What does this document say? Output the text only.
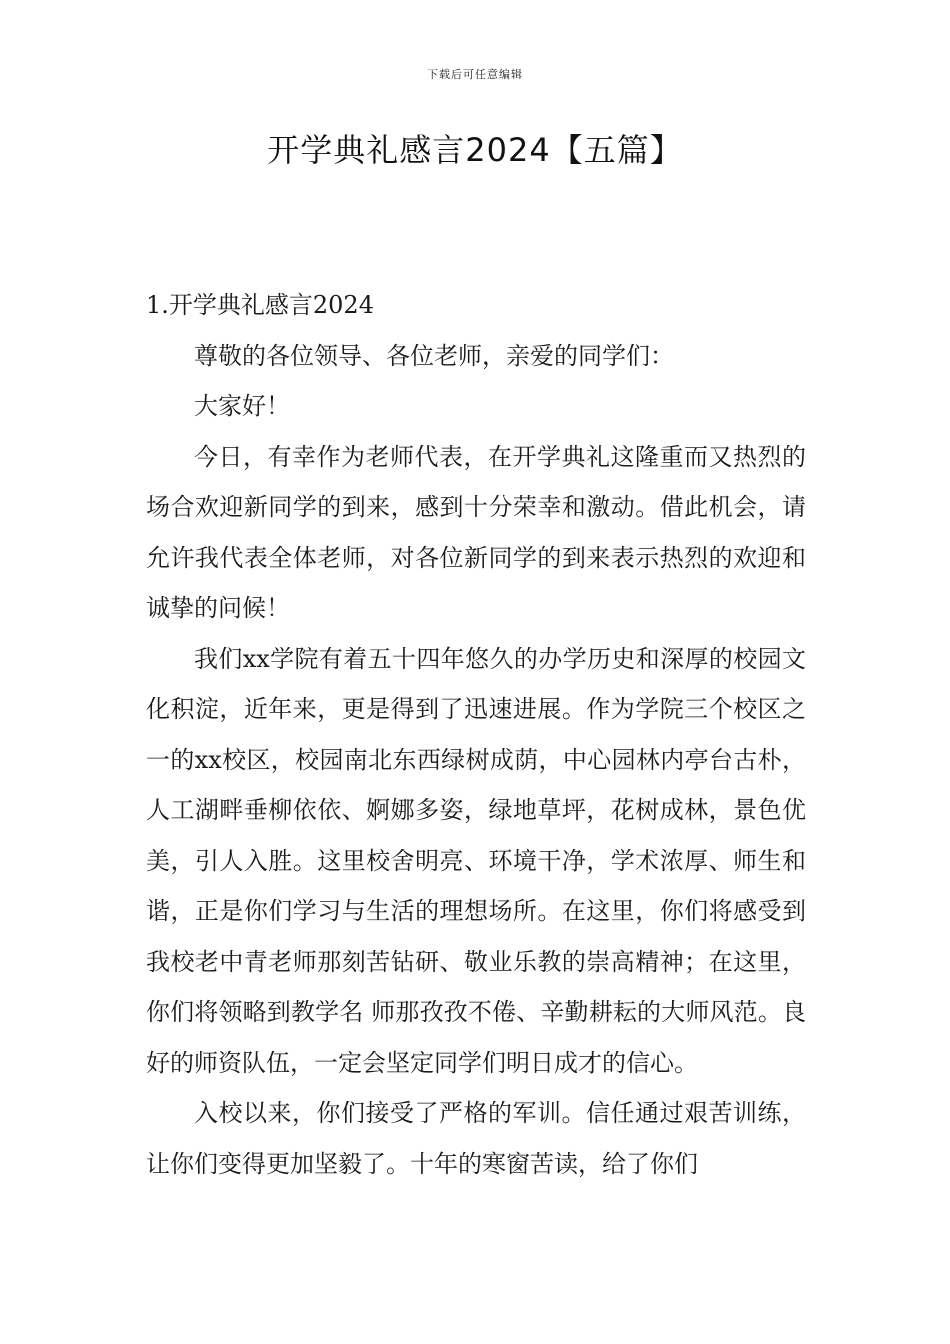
下载后可任意编辑
开学典礼感言2024【五篇】

1.开学典礼感言2024

尊敬的各位领导、各位老师，亲爱的同学们：

大家好！

今日，有幸作为老师代表，在开学典礼这隆重而又热烈的场合欢迎新同学的到来，感到十分荣幸和激动。借此机会，请允许我代表全体老师，对各位新同学的到来表示热烈的欢迎和诚挚的问候！

我们xx学院有着五十四年悠久的办学历史和深厚的校园文化积淀，近年来，更是得到了迅速进展。作为学院三个校区之一的xx校区，校园南北东西绿树成荫，中心园林内亭台古朴，人工湖畔垂柳依依、婀娜多姿，绿地草坪，花树成林，景色优美，引人入胜。这里校舍明亮、环境干净，学术浓厚、师生和谐，正是你们学习与生活的理想场所。在这里，你们将感受到我校老中青老师那刻苦钻研、敬业乐教的崇高精神；在这里，你们将领略到教学名 师那孜孜不倦、辛勤耕耘的大师风范。良好的师资队伍，一定会坚定同学们明日成才的信心。

入校以来，你们接受了严格的军训。信任通过艰苦训练，让你们变得更加坚毅了。十年的寒窗苦读，给了你们
